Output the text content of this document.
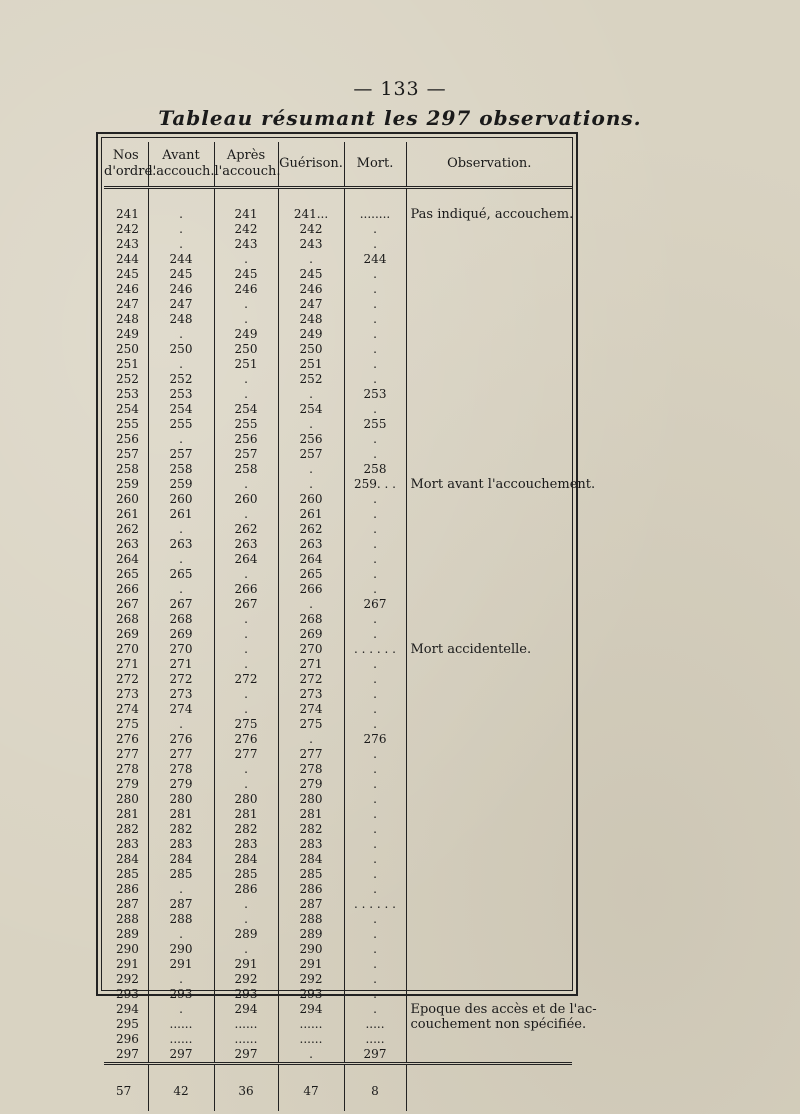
— 133 —
Tableau résumant les 297 observations.
Nos d'ordre.	Avant l'accouch.	Après l'accouch.	Guérison.	Mort.	Observation.
241	.	241	241...	........	Pas indiqué, accouchem.
242	.	242	242	.	
243	.	243	243	.	
244	244	.	.	244	
245	245	245	245	.	
246	246	246	246	.	
247	247	.	247	.	
248	248	.	248	.	
249	.	249	249	.	
250	250	250	250	.	
251	.	251	251	.	
252	252	.	252	.	
253	253	.	.	253	
254	254	254	254	.	
255	255	255	.	255	
256	.	256	256	.	
257	257	257	257	.	
258	258	258	.	258	
259	259	.	.	259. . .	Mort avant l'accouchement.
260	260	260	260	.	
261	261	.	261	.	
262	.	262	262	.	
263	263	263	263	.	
264	.	264	264	.	
265	265	.	265	.	
266	.	266	266	.	
267	267	267	.	267	
268	268	.	268	.	
269	269	.	269	.	
270	270	.	270	. . . . . .	Mort accidentelle.
271	271	.	271	.	
272	272	272	272	.	
273	273	.	273	.	
274	274	.	274	.	
275	.	275	275	.	
276	276	276	.	276	
277	277	277	277	.	
278	278	.	278	.	
279	279	.	279	.	
280	280	280	280	.	
281	281	281	281	.	
282	282	282	282	.	
283	283	283	283	.	
284	284	284	284	.	
285	285	285	285	.	
286	.	286	286	.	
287	287	.	287	. . . . . .	
288	288	.	288	.	
289	.	289	289	.	
290	290	.	290	.	
291	291	291	291	.	
292	.	292	292	.	
293	293	293	293	.	
294	.	294	294	.	Epoque des accès et de l'ac-
295	......	......	......	.....	couchement non spécifiée.
296	......	......	......	.....	
297	297	297	.	297	
57	42	36	47	8	
